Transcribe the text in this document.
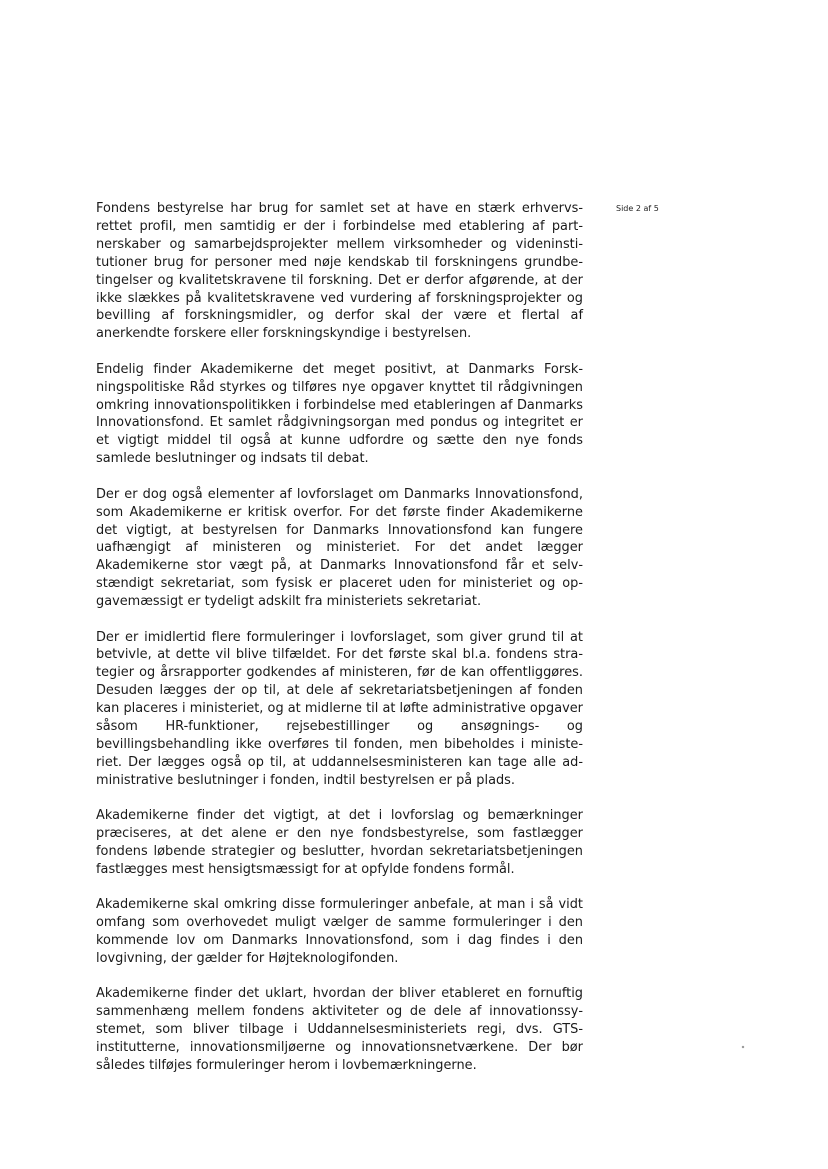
Side 2 af 5

Fondens bestyrelse har brug for samlet set at have en stærk erhvervsrettet profil, men samtidig er der i forbindelse med etablering af partnerskaber og samarbejdsprojekter mellem virksomheder og videninstitutioner brug for personer med nøje kendskab til forskningens grundbetingelser og kvalitetskravene til forskning. Det er derfor afgørende, at der ikke slækkes på kvalitetskravene ved vurdering af forskningsprojekter og bevilling af forskningsmidler, og derfor skal der være et flertal af anerkendte forskere eller forskningskyndige i bestyrelsen.

Endelig finder Akademikerne det meget positivt, at Danmarks Forskningspolitiske Råd styrkes og tilføres nye opgaver knyttet til rådgivningen omkring innovationspolitikken i forbindelse med etableringen af Danmarks Innovationsfond. Et samlet rådgivningsorgan med pondus og integritet er et vigtigt middel til også at kunne udfordre og sætte den nye fonds samlede beslutninger og indsats til debat.

Der er dog også elementer af lovforslaget om Danmarks Innovationsfond, som Akademikerne er kritisk overfor. For det første finder Akademikerne det vigtigt, at bestyrelsen for Danmarks Innovationsfond kan fungere uafhængigt af ministeren og ministeriet. For det andet lægger Akademikerne stor vægt på, at Danmarks Innovationsfond får et selvstændigt sekretariat, som fysisk er placeret uden for ministeriet og opgavemæssigt er tydeligt adskilt fra ministeriets sekretariat.

Der er imidlertid flere formuleringer i lovforslaget, som giver grund til at betvivle, at dette vil blive tilfældet. For det første skal bl.a. fondens strategier og årsrapporter godkendes af ministeren, før de kan offentliggøres. Desuden lægges der op til, at dele af sekretariatsbetjeningen af fonden kan placeres i ministeriet, og at midlerne til at løfte administrative opgaver såsom HR-funktioner, rejsebestillinger og ansøgnings- og bevillingsbehandling ikke overføres til fonden, men bibeholdes i ministeriet. Der lægges også op til, at uddannelsesministeren kan tage alle administrative beslutninger i fonden, indtil bestyrelsen er på plads.

Akademikerne finder det vigtigt, at det i lovforslag og bemærkninger præciseres, at det alene er den nye fondsbestyrelse, som fastlægger fondens løbende strategier og beslutter, hvordan sekretariatsbetjeningen fastlægges mest hensigtsmæssigt for at opfylde fondens formål.

Akademikerne skal omkring disse formuleringer anbefale, at man i så vidt omfang som overhovedet muligt vælger de samme formuleringer i den kommende lov om Danmarks Innovationsfond, som i dag findes i den lovgivning, der gælder for Højteknologifonden.

Akademikerne finder det uklart, hvordan der bliver etableret en fornuftig sammenhæng mellem fondens aktiviteter og de dele af innovationssystemet, som bliver tilbage i Uddannelsesministeriets regi, dvs. GTS-institutterne, innovationsmiljøerne og innovationsnetværkene. Der bør således tilføjes formuleringer herom i lovbemærkningerne.
